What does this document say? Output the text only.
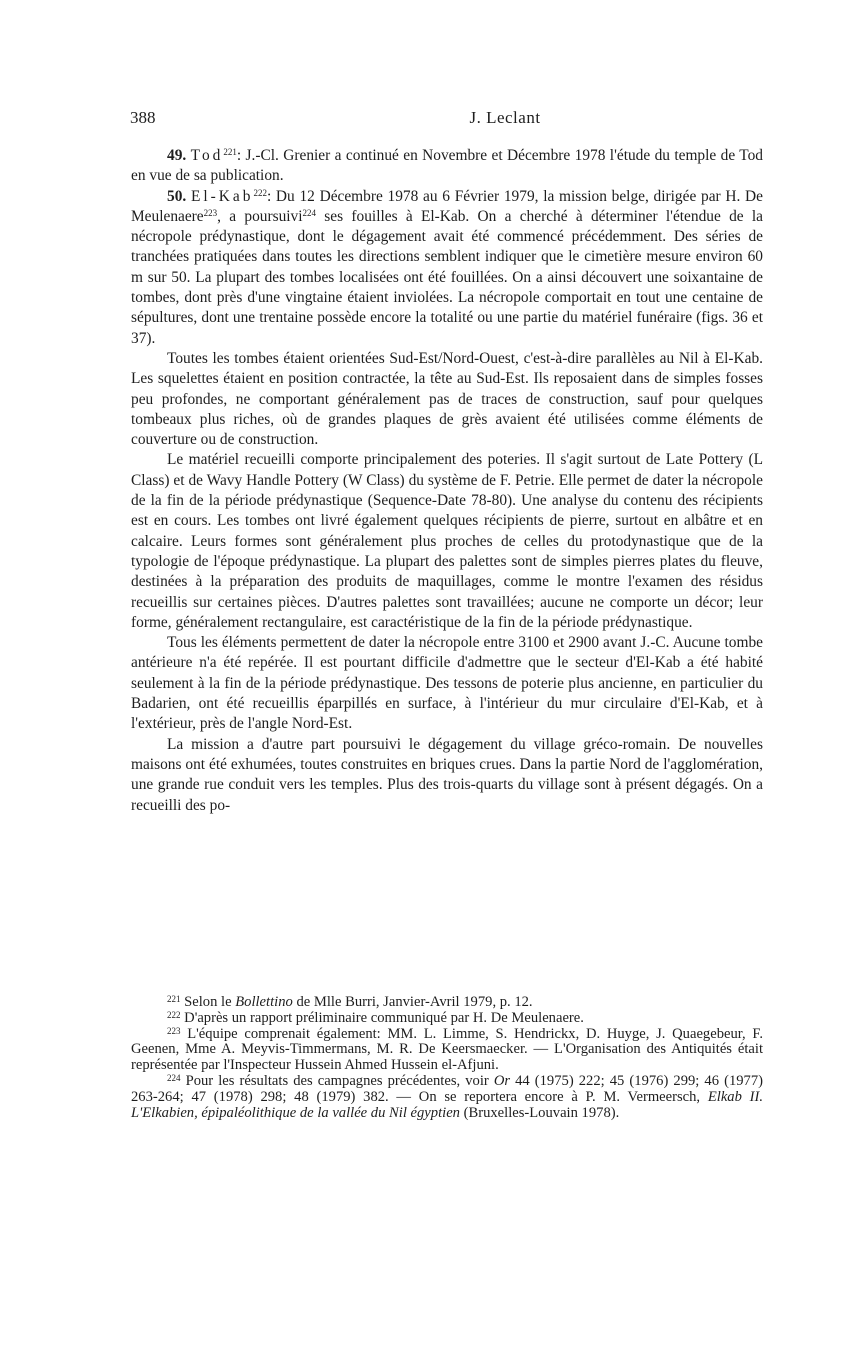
388	J. Leclant

49. Tod$^{221}$: J.-Cl. Grenier a continué en Novembre et Décembre 1978 l'étude du temple de Tod en vue de sa publication.

50. El-Kab$^{222}$: Du 12 Décembre 1978 au 6 Février 1979, la mission belge, dirigée par H. De Meulenaere$^{223}$, a poursuivi$^{224}$ ses fouilles à El-Kab. On a cherché à déterminer l'étendue de la nécropole prédynastique, dont le dégagement avait été commencé précédemment. Des séries de tranchées pratiquées dans toutes les directions semblent indiquer que le cimetière mesure environ 60 m sur 50. La plupart des tombes localisées ont été fouillées. On a ainsi découvert une soixantaine de tombes, dont près d'une vingtaine étaient inviolées. La nécropole comportait en tout une centaine de sépultures, dont une trentaine possède encore la totalité ou une partie du matériel funéraire (figs. 36 et 37).

Toutes les tombes étaient orientées Sud-Est/Nord-Ouest, c'est-à-dire parallèles au Nil à El-Kab. Les squelettes étaient en position contractée, la tête au Sud-Est. Ils reposaient dans de simples fosses peu profondes, ne comportant généralement pas de traces de construction, sauf pour quelques tombeaux plus riches, où de grandes plaques de grès avaient été utilisées comme éléments de couverture ou de construction.

Le matériel recueilli comporte principalement des poteries. Il s'agit surtout de Late Pottery (L Class) et de Wavy Handle Pottery (W Class) du système de F. Petrie. Elle permet de dater la nécropole de la fin de la période prédynastique (Sequence-Date 78-80). Une analyse du contenu des récipients est en cours. Les tombes ont livré également quelques récipients de pierre, surtout en albâtre et en calcaire. Leurs formes sont généralement plus proches de celles du protodynastique que de la typologie de l'époque prédynastique. La plupart des palettes sont de simples pierres plates du fleuve, destinées à la préparation des produits de maquillages, comme le montre l'examen des résidus recueillis sur certaines pièces. D'autres palettes sont travaillées; aucune ne comporte un décor; leur forme, généralement rectangulaire, est caractéristique de la fin de la période prédynastique.

Tous les éléments permettent de dater la nécropole entre 3100 et 2900 avant J.-C. Aucune tombe antérieure n'a été repérée. Il est pourtant difficile d'admettre que le secteur d'El-Kab a été habité seulement à la fin de la période prédynastique. Des tessons de poterie plus ancienne, en particulier du Badarien, ont été recueillis éparpillés en surface, à l'intérieur du mur circulaire d'El-Kab, et à l'extérieur, près de l'angle Nord-Est.

La mission a d'autre part poursuivi le dégagement du village gréco-romain. De nouvelles maisons ont été exhumées, toutes construites en briques crues. Dans la partie Nord de l'agglomération, une grande rue conduit vers les temples. Plus des trois-quarts du village sont à présent dégagés. On a recueilli des po-

$^{221}$ Selon le Bollettino de Mlle Burri, Janvier-Avril 1979, p. 12.

$^{222}$ D'après un rapport préliminaire communiqué par H. De Meulenaere.

$^{223}$ L'équipe comprenait également: MM. L. Limme, S. Hendrickx, D. Huyge, J. Quaegebeur, F. Geenen, Mme A. Meyvis-Timmermans, M. R. De Keersmaecker. — L'Organisation des Antiquités était représentée par l'Inspecteur Hussein Ahmed Hussein el-Afjuni.

$^{224}$ Pour les résultats des campagnes précédentes, voir Or 44 (1975) 222; 45 (1976) 299; 46 (1977) 263-264; 47 (1978) 298; 48 (1979) 382. — On se reportera encore à P. M. Vermeersch, Elkab II. L'Elkabien, épipaléolithique de la vallée du Nil égyptien (Bruxelles-Louvain 1978).
